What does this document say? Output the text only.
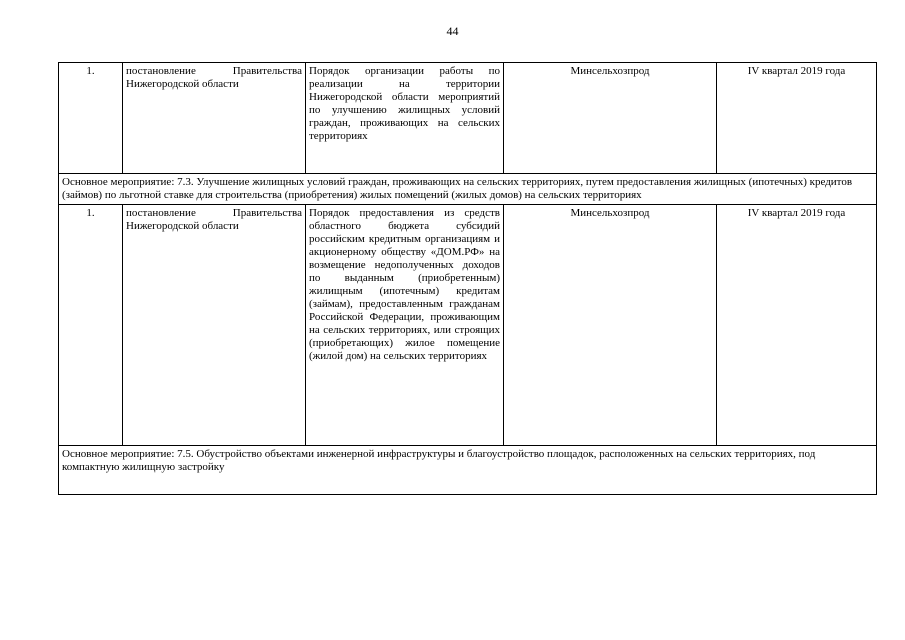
44
1.	постановление Правительства Нижегородской области	Порядок организации работы по реализации на территории Нижегородской области мероприятий по улучшению жилищных условий граждан, проживающих на сельских территориях	Минсельхозпрод	IV квартал 2019 года
Основное мероприятие: 7.3. Улучшение жилищных условий граждан, проживающих на сельских территориях, путем предоставления жилищных (ипотечных) кредитов (займов) по льготной ставке для строительства (приобретения) жилых помещений (жилых домов) на сельских территориях				
1.	постановление Правительства Нижегородской области	Порядок предоставления из средств областного бюджета субсидий российским кредитным организациям и акционерному обществу «ДОМ.РФ» на возмещение недополученных доходов по выданным (приобретенным) жилищным (ипотечным) кредитам (займам), предоставленным гражданам Российской Федерации, проживающим на сельских территориях, или строящих (приобретающих) жилое помещение (жилой дом) на сельских территориях	Минсельхозпрод	IV квартал 2019 года
Основное мероприятие: 7.5. Обустройство объектами инженерной инфраструктуры и благоустройство площадок, расположенных на сельских территориях, под компактную жилищную застройку				
